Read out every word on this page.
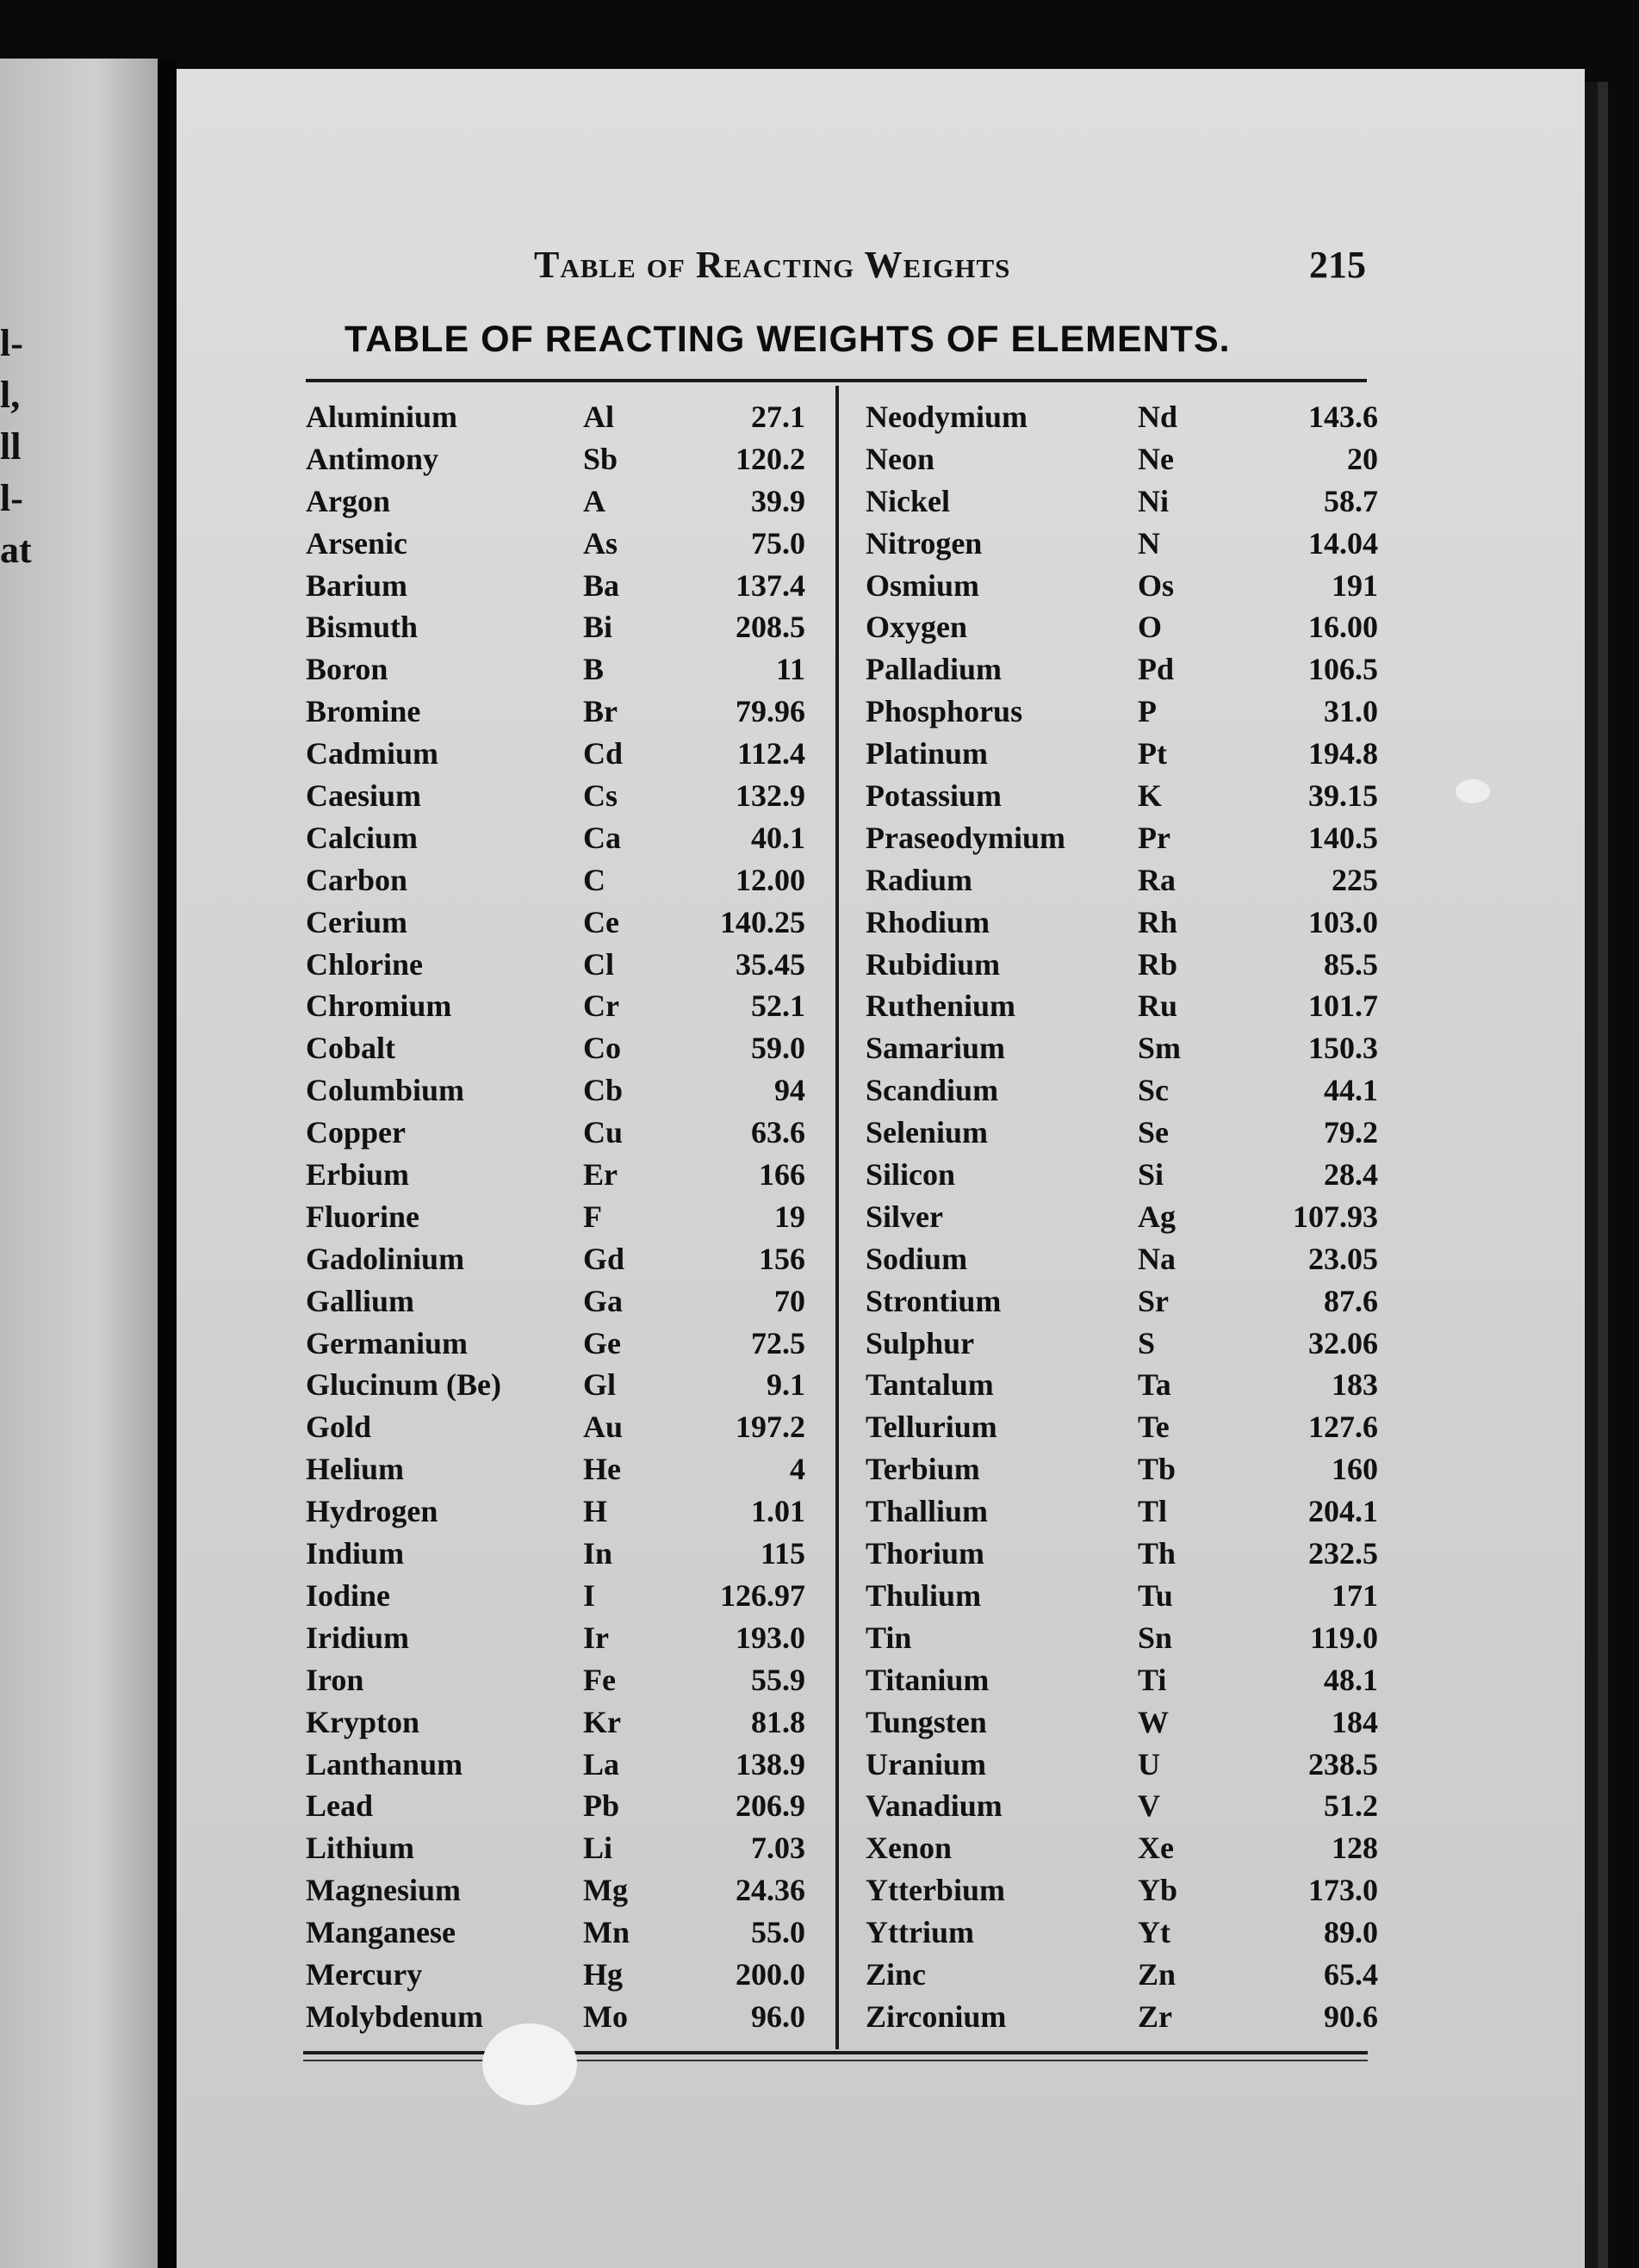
l-
l,
ll
l-
at
Table of Reacting Weights	215
TABLE OF REACTING WEIGHTS OF ELEMENTS.
Aluminium	Al	27.1
Antimony	Sb	120.2
Argon	A	39.9
Arsenic	As	75.0
Barium	Ba	137.4
Bismuth	Bi	208.5
Boron	B	11
Bromine	Br	79.96
Cadmium	Cd	112.4
Caesium	Cs	132.9
Calcium	Ca	40.1
Carbon	C	12.00
Cerium	Ce	140.25
Chlorine	Cl	35.45
Chromium	Cr	52.1
Cobalt	Co	59.0
Columbium	Cb	94
Copper	Cu	63.6
Erbium	Er	166
Fluorine	F	19
Gadolinium	Gd	156
Gallium	Ga	70
Germanium	Ge	72.5
Glucinum (Be)	Gl	9.1
Gold	Au	197.2
Helium	He	4
Hydrogen	H	1.01
Indium	In	115
Iodine	I	126.97
Iridium	Ir	193.0
Iron	Fe	55.9
Krypton	Kr	81.8
Lanthanum	La	138.9
Lead	Pb	206.9
Lithium	Li	7.03
Magnesium	Mg	24.36
Manganese	Mn	55.0
Mercury	Hg	200.0
Molybdenum	Mo	96.0
Neodymium	Nd	143.6
Neon	Ne	20
Nickel	Ni	58.7
Nitrogen	N	14.04
Osmium	Os	191
Oxygen	O	16.00
Palladium	Pd	106.5
Phosphorus	P	31.0
Platinum	Pt	194.8
Potassium	K	39.15
Praseodymium Pr	140.5
Radium	Ra	225
Rhodium	Rh	103.0
Rubidium	Rb	85.5
Ruthenium	Ru	101.7
Samarium	Sm	150.3
Scandium	Sc	44.1
Selenium	Se	79.2
Silicon	Si	28.4
Silver	Ag	107.93
Sodium	Na	23.05
Strontium	Sr	87.6
Sulphur	S	32.06
Tantalum	Ta	183
Tellurium	Te	127.6
Terbium	Tb	160
Thallium	Tl	204.1
Thorium	Th	232.5
Thulium	Tu	171
Tin	Sn	119.0
Titanium	Ti	48.1
Tungsten	W	184
Uranium	U	238.5
Vanadium	V	51.2
Xenon	Xe	128
Ytterbium	Yb	173.0
Yttrium	Yt	89.0
Zinc	Zn	65.4
Zirconium	Zr	90.6
